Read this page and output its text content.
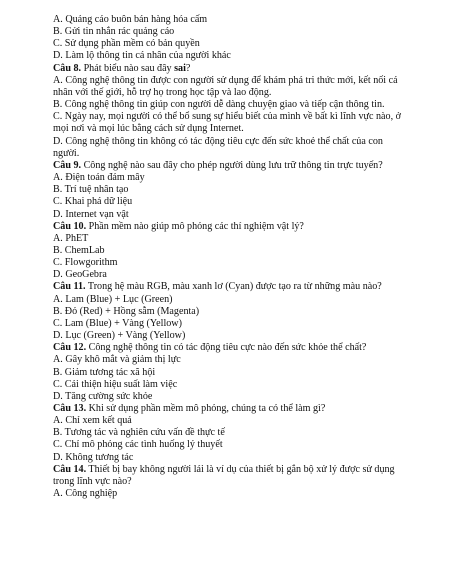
A. Quảng cáo buôn bán hàng hóa cấm

B. Gửi tin nhắn rác quảng cáo

C. Sử dụng phần mềm có bản quyền

D. Làm lộ thông tin cá nhân của người khác

Câu 8. Phát biểu nào sau đây sai?

A. Công nghệ thông tin được con người sử dụng để khám phá tri thức mới, kết nối cá nhân với thế giới, hỗ trợ họ trong học tập và lao động.

B. Công nghệ thông tin giúp con người dễ dàng chuyện giao và tiếp cận thông tin.

C. Ngày nay, mọi người có thể bổ sung sự hiểu biết của mình về bất kì lĩnh vực nào, ở mọi nơi và mọi lúc bằng cách sử dụng Internet.

D. Công nghệ thông tin không có tác động tiêu cực đến sức khoẻ thể chất của con người.

Câu 9. Công nghệ nào sau đây cho phép người dùng lưu trữ thông tin trực tuyến?

A. Điện toán đám mây

B. Trí tuệ nhân tạo

C. Khai phá dữ liệu

D. Internet vạn vật

Câu 10. Phần mềm nào giúp mô phỏng các thí nghiệm vật lý?

A. PhET

B. ChemLab

C. Flowgorithm

D. GeoGebra

Câu 11. Trong hệ màu RGB, màu xanh lơ (Cyan) được tạo ra từ những màu nào?

A. Lam (Blue) + Lục (Green)

B. Đỏ (Red) + Hồng sẫm (Magenta)

C. Lam (Blue) + Vàng (Yellow)

D. Lục (Green) + Vàng (Yellow)

Câu 12. Công nghệ thông tin có tác động tiêu cực nào đến sức khỏe thể chất?

A. Gây khô mắt và giảm thị lực

B. Giảm tương tác xã hội

C. Cải thiện hiệu suất làm việc

D. Tăng cường sức khỏe

Câu 13. Khi sử dụng phần mềm mô phỏng, chúng ta có thể làm gì?

A. Chỉ xem kết quả

B. Tương tác và nghiên cứu vấn đề thực tế

C. Chỉ mô phỏng các tình huống lý thuyết

D. Không tương tác

Câu 14. Thiết bị bay không người lái là ví dụ của thiết bị gắn bộ xử lý được sử dụng trong lĩnh vực nào?

A. Công nghiệp
